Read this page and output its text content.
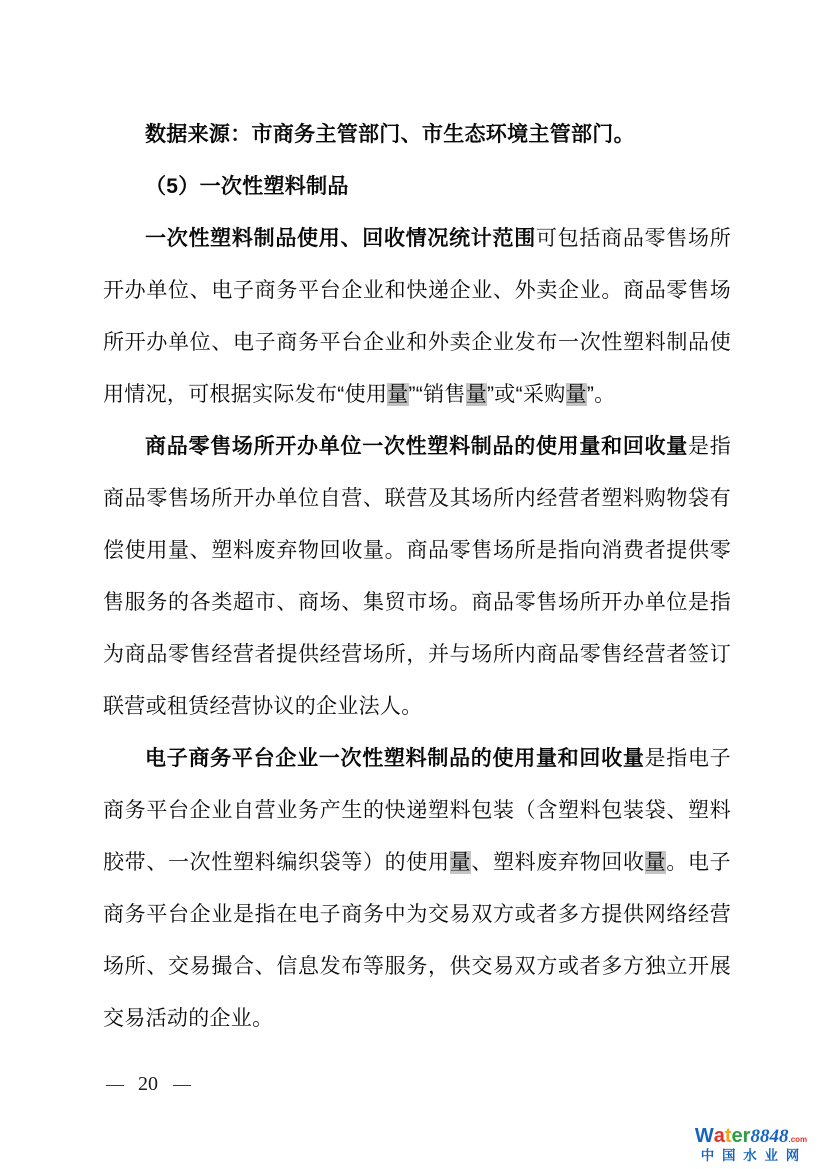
数据来源：市商务主管部门、市生态环境主管部门。

（5）一次性塑料制品

一次性塑料制品使用、回收情况统计范围可包括商品零售场所开办单位、电子商务平台企业和快递企业、外卖企业。商品零售场所开办单位、电子商务平台企业和外卖企业发布一次性塑料制品使用情况，可根据实际发布“使用量”“销售量”或“采购量”。

商品零售场所开办单位一次性塑料制品的使用量和回收量是指商品零售场所开办单位自营、联营及其场所内经营者塑料购物袋有偿使用量、塑料废弃物回收量。商品零售场所是指向消费者提供零售服务的各类超市、商场、集贸市场。商品零售场所开办单位是指为商品零售经营者提供经营场所，并与场所内商品零售经营者签订联营或租赁经营协议的企业法人。

电子商务平台企业一次性塑料制品的使用量和回收量是指电子商务平台企业自营业务产生的快递塑料包装（含塑料包装袋、塑料胶带、一次性塑料编织袋等）的使用量、塑料废弃物回收量。电子商务平台企业是指在电子商务中为交易双方或者多方提供网络经营场所、交易撮合、信息发布等服务，供交易双方或者多方独立开展交易活动的企业。

— 20 —
Water8848.com
中 国 水 业 网
